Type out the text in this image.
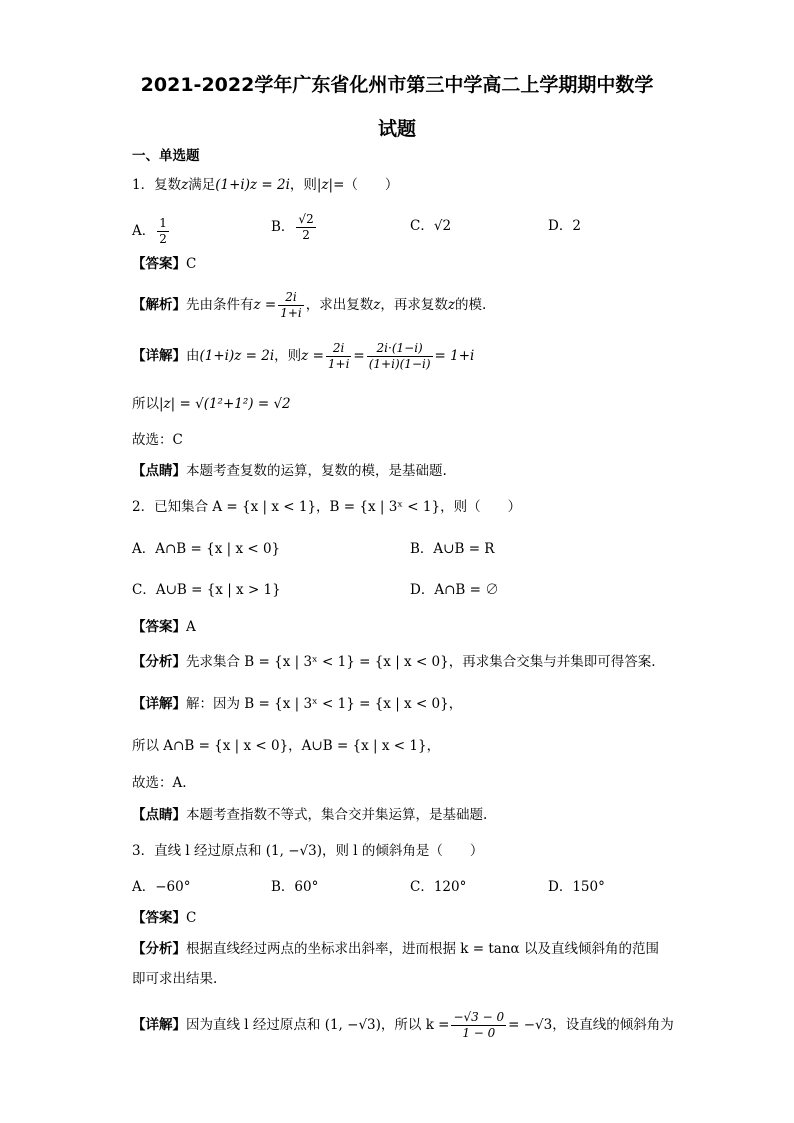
2021-2022学年广东省化州市第三中学高二上学期期中数学
试题
一、单选题
1．复数z满足(1+i)z = 2i，则|z|=（　　）
A． $\frac{1}{2}$	B． $\frac{√2}{2}$	C．√2	D．2
【答案】C
【解析】先由条件有$z = \frac{2i}{1+i}$ ，求出复数z，再求复数z的模.
【详解】由(1+i)z = 2i，则$z = \frac{2i}{1+i} = \frac{2i\cdot(1-i)}{(1+i)(1-i)} = 1+i$
所以|z| = √(1²+1²) = √2
故选：C
【点睛】本题考查复数的运算，复数的模，是基础题.
2．已知集合 A = {x | x < 1}，B = {x | 3ˣ < 1}，则（　　）
A．A∩B = {x | x < 0}	B．A∪B = R
C．A∪B = {x | x > 1}	D．A∩B = ∅
【答案】A
【分析】先求集合 B = {x | 3ˣ < 1} = {x | x < 0}，再求集合交集与并集即可得答案.
【详解】解：因为 B = {x | 3ˣ < 1} = {x | x < 0}，
所以 A∩B = {x | x < 0}，A∪B = {x | x < 1}，
故选：A.
【点睛】本题考查指数不等式，集合交并集运算，是基础题.
3．直线 l 经过原点和 (1, −√3)，则 l 的倾斜角是（　　）
A．−60°	B．60°	C．120°	D．150°
【答案】C
【分析】根据直线经过两点的坐标求出斜率，进而根据 k = tanα 以及直线倾斜角的范围
即可求出结果.
【详解】因为直线 l 经过原点和 (1, −√3)，所以 $k = \frac{-√3 - 0}{1 - 0} = -√3$，设直线的倾斜角为
